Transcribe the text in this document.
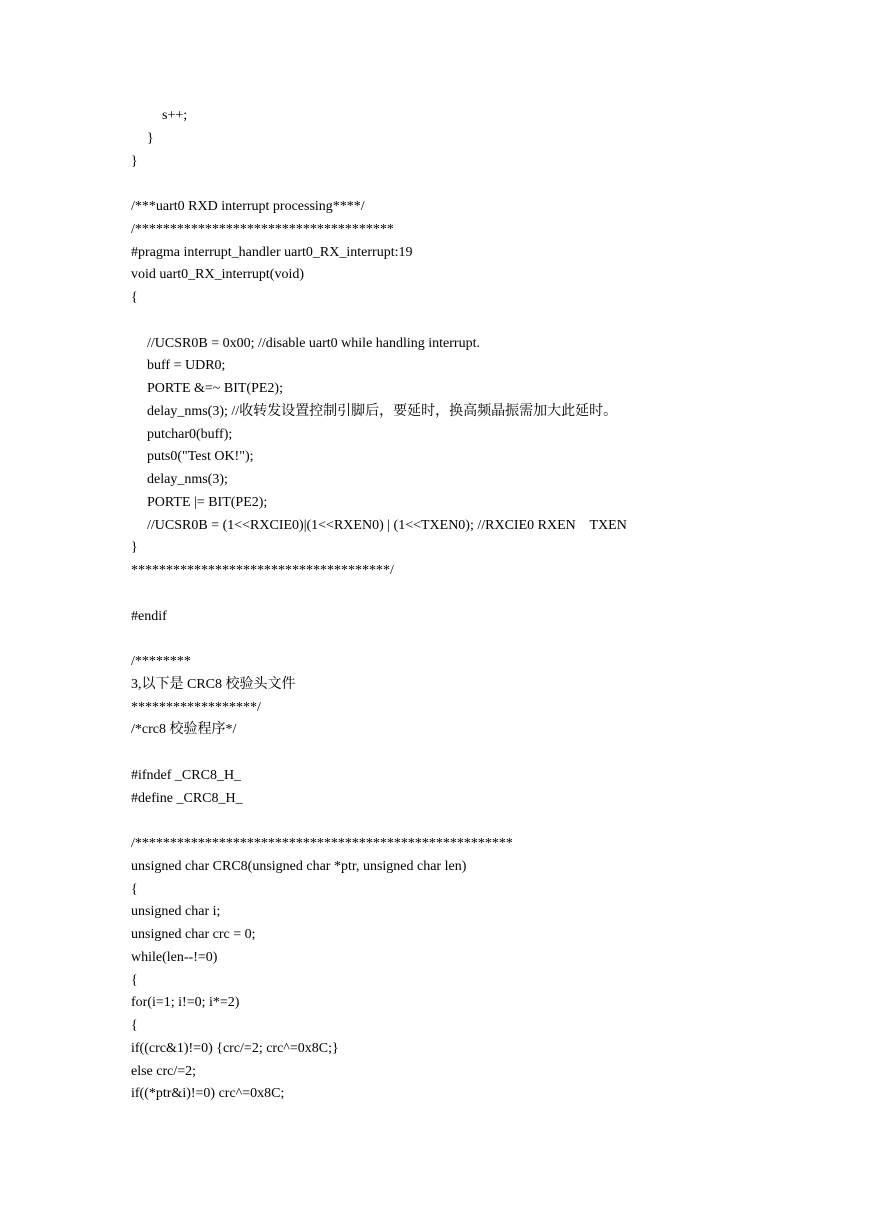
s++;
}
}
/***uart0 RXD interrupt processing****/
/*************************************
#pragma interrupt_handler uart0_RX_interrupt:19
void uart0_RX_interrupt(void)
{
//UCSR0B = 0x00; //disable uart0 while handling interrupt.
buff = UDR0;
PORTE &=~ BIT(PE2);
delay_nms(3); //收转发设置控制引脚后，要延时，换高频晶振需加大此延时。
putchar0(buff);
puts0("Test OK!");
delay_nms(3);
PORTE |= BIT(PE2);
//UCSR0B = (1<<RXCIE0)|(1<<RXEN0) | (1<<TXEN0); //RXCIE0 RXEN    TXEN
}
*************************************/
#endif
/********
3,以下是 CRC8 校验头文件
******************/
/*crc8 校验程序*/
#ifndef _CRC8_H_
#define _CRC8_H_
/******************************************************
unsigned char CRC8(unsigned char *ptr, unsigned char len)
{
unsigned char i;
unsigned char crc = 0;
while(len--!=0)
{
for(i=1; i!=0; i*=2)
{
if((crc&1)!=0) {crc/=2; crc^=0x8C;}
else crc/=2;
if((*ptr&i)!=0) crc^=0x8C;
